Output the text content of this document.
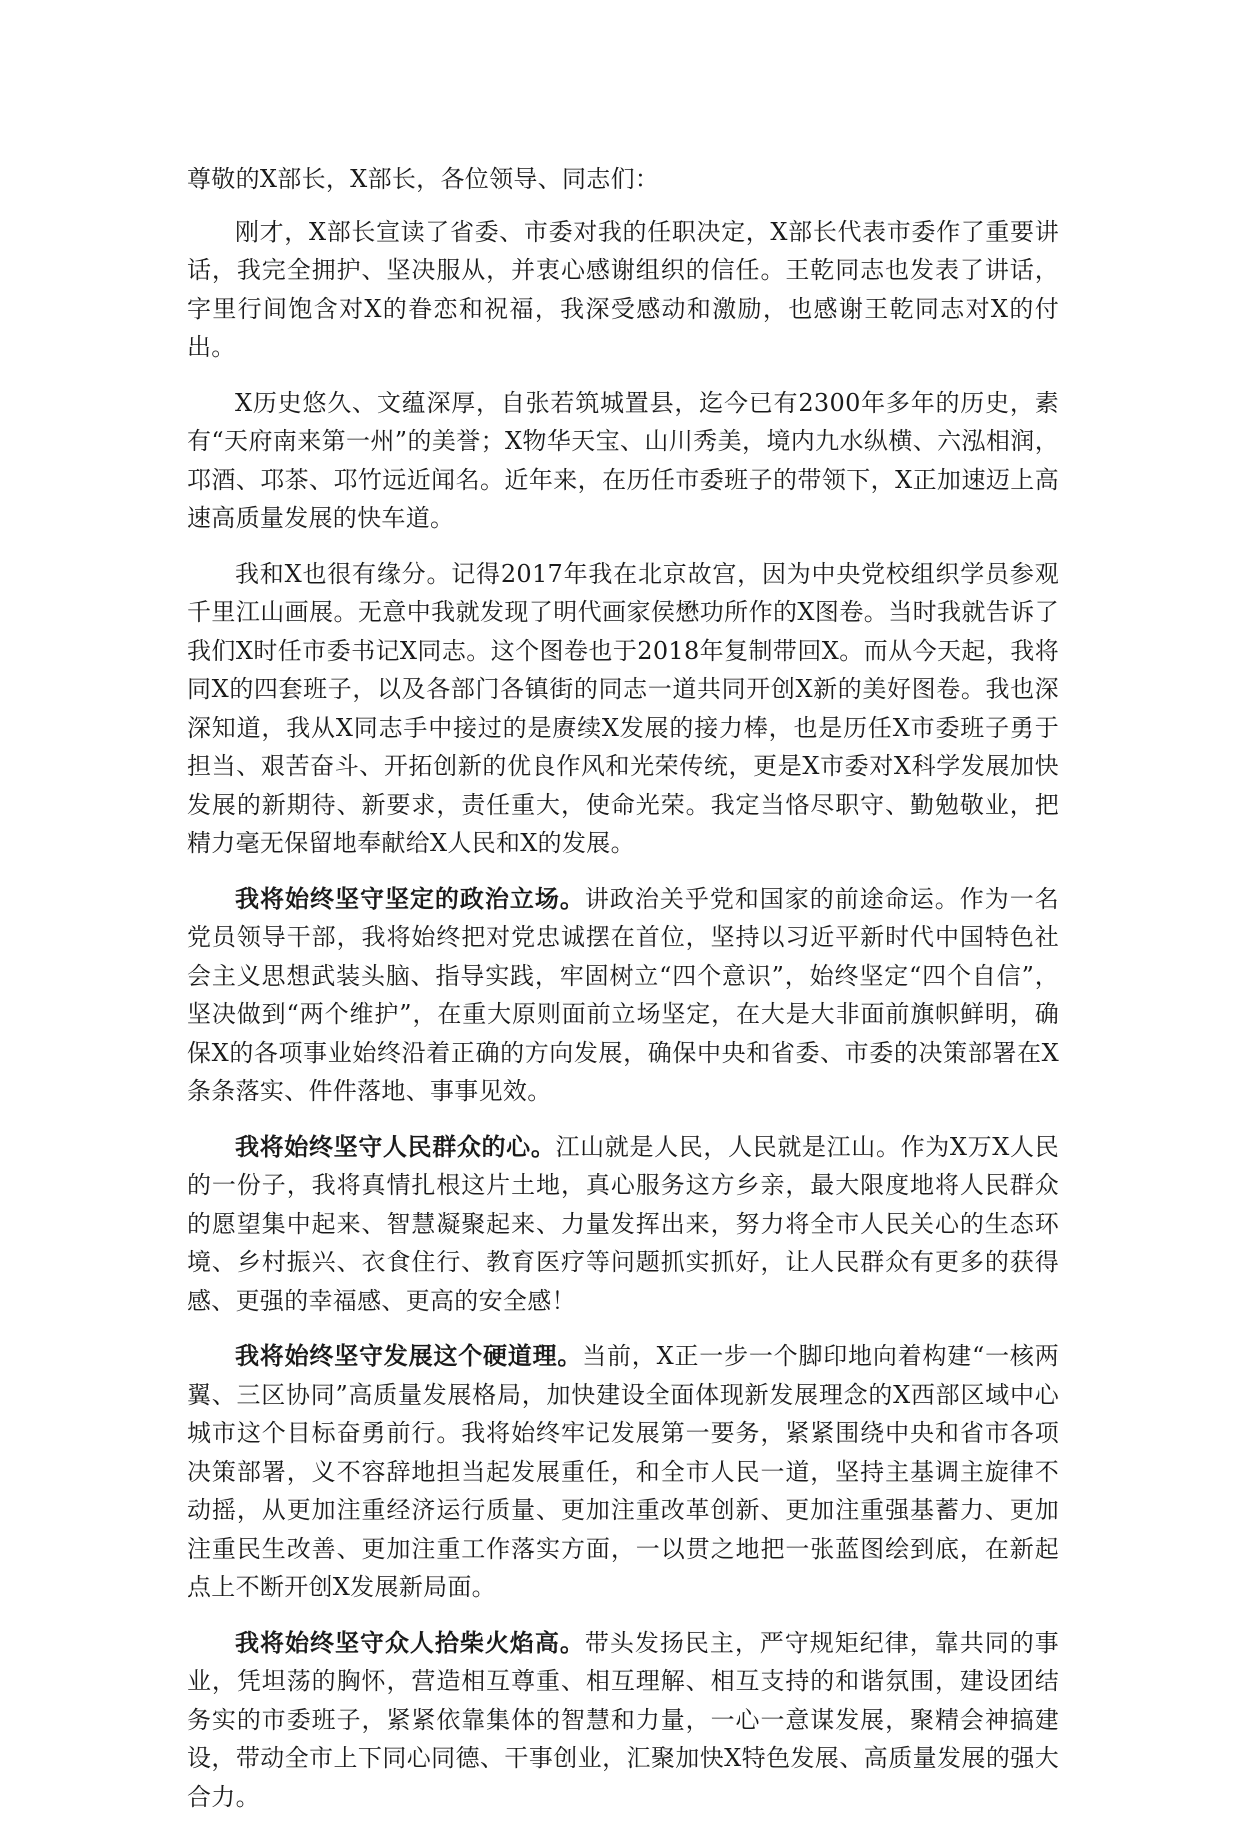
尊敬的X部长，X部长，各位领导、同志们：

刚才，X部长宣读了省委、市委对我的任职决定，X部长代表市委作了重要讲话，我完全拥护、坚决服从，并衷心感谢组织的信任。王乾同志也发表了讲话，字里行间饱含对X的眷恋和祝福，我深受感动和激励，也感谢王乾同志对X的付出。

X历史悠久、文蕴深厚，自张若筑城置县，迄今已有2300年多年的历史，素有“天府南来第一州”的美誉；X物华天宝、山川秀美，境内九水纵横、六泓相润，邛酒、邛茶、邛竹远近闻名。近年来，在历任市委班子的带领下，X正加速迈上高速高质量发展的快车道。

我和X也很有缘分。记得2017年我在北京故宫，因为中央党校组织学员参观千里江山画展。无意中我就发现了明代画家侯懋功所作的X图卷。当时我就告诉了我们X时任市委书记X同志。这个图卷也于2018年复制带回X。而从今天起，我将同X的四套班子，以及各部门各镇街的同志一道共同开创X新的美好图卷。我也深深知道，我从X同志手中接过的是赓续X发展的接力棒，也是历任X市委班子勇于担当、艰苦奋斗、开拓创新的优良作风和光荣传统，更是X市委对X科学发展加快发展的新期待、新要求，责任重大，使命光荣。我定当恪尽职守、勤勉敬业，把精力毫无保留地奉献给X人民和X的发展。

我将始终坚守坚定的政治立场。讲政治关乎党和国家的前途命运。作为一名党员领导干部，我将始终把对党忠诚摆在首位，坚持以习近平新时代中国特色社会主义思想武装头脑、指导实践，牢固树立“四个意识”，始终坚定“四个自信”，坚决做到“两个维护”，在重大原则面前立场坚定，在大是大非面前旗帜鲜明，确保X的各项事业始终沿着正确的方向发展，确保中央和省委、市委的决策部署在X条条落实、件件落地、事事见效。

我将始终坚守人民群众的心。江山就是人民，人民就是江山。作为X万X人民的一份子，我将真情扎根这片土地，真心服务这方乡亲，最大限度地将人民群众的愿望集中起来、智慧凝聚起来、力量发挥出来，努力将全市人民关心的生态环境、乡村振兴、衣食住行、教育医疗等问题抓实抓好，让人民群众有更多的获得感、更强的幸福感、更高的安全感！

我将始终坚守发展这个硬道理。当前，X正一步一个脚印地向着构建“一核两翼、三区协同”高质量发展格局，加快建设全面体现新发展理念的X西部区域中心城市这个目标奋勇前行。我将始终牢记发展第一要务，紧紧围绕中央和省市各项决策部署，义不容辞地担当起发展重任，和全市人民一道，坚持主基调主旋律不动摇，从更加注重经济运行质量、更加注重改革创新、更加注重强基蓄力、更加注重民生改善、更加注重工作落实方面，一以贯之地把一张蓝图绘到底，在新起点上不断开创X发展新局面。

我将始终坚守众人拾柴火焰高。带头发扬民主，严守规矩纪律，靠共同的事业，凭坦荡的胸怀，营造相互尊重、相互理解、相互支持的和谐氛围，建设团结务实的市委班子，紧紧依靠集体的智慧和力量，一心一意谋发展，聚精会神搞建设，带动全市上下同心同德、干事创业，汇聚加快X特色发展、高质量发展的强大合力。
